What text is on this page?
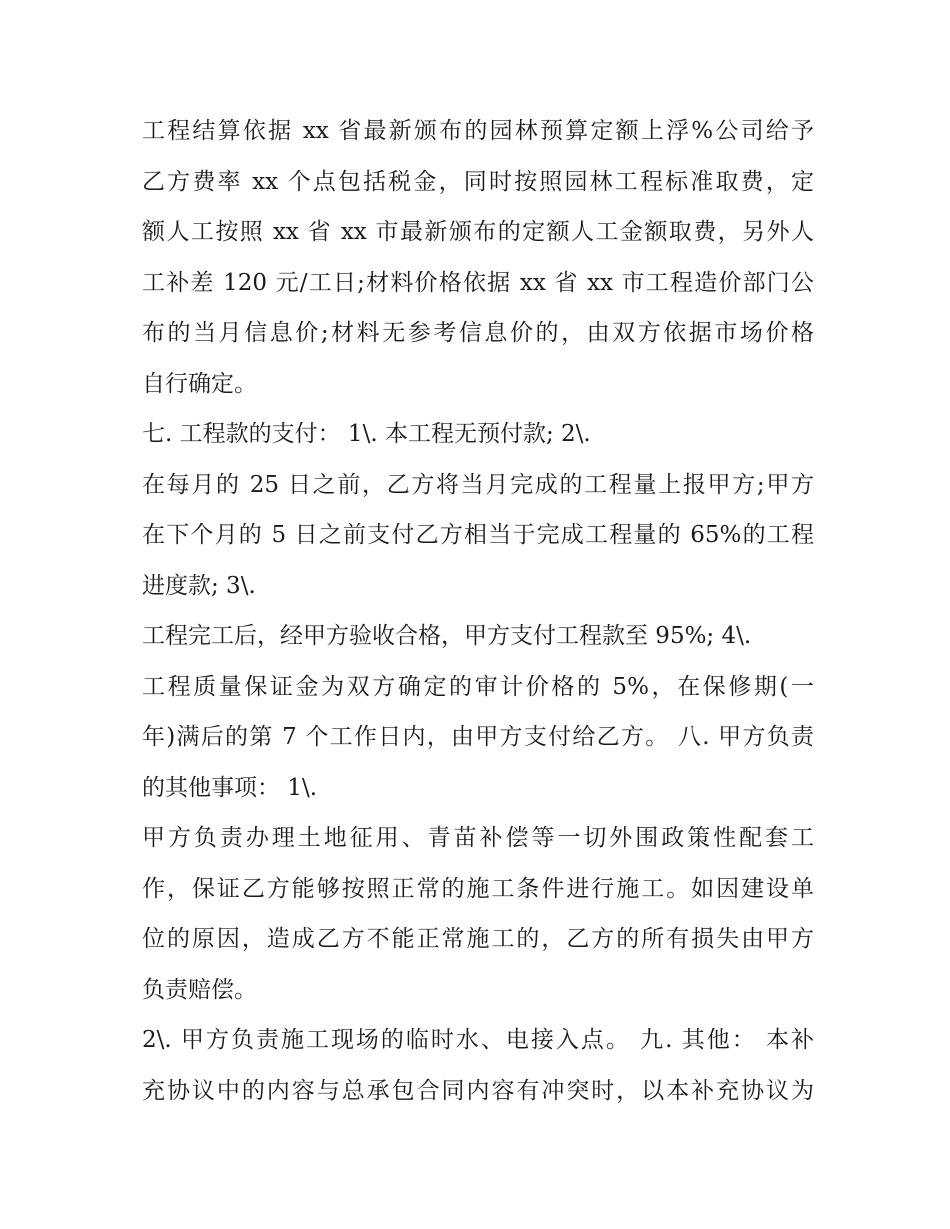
工程结算依据 xx 省最新颁布的园林预算定额上浮%公司给予
乙方费率 xx 个点包括税金，同时按照园林工程标准取费，定
额人工按照 xx 省 xx 市最新颁布的定额人工金额取费，另外人
工补差 120 元/工日;材料价格依据 xx 省 xx 市工程造价部门公
布的当月信息价;材料无参考信息价的，由双方依据市场价格
自行确定。
七. 工程款的支付： 1\. 本工程无预付款; 2\.
在每月的 25 日之前，乙方将当月完成的工程量上报甲方;甲方
在下个月的 5 日之前支付乙方相当于完成工程量的 65%的工程
进度款; 3\.
工程完工后，经甲方验收合格，甲方支付工程款至 95%; 4\.
工程质量保证金为双方确定的审计价格的 5%，在保修期(一
年)满后的第 7 个工作日内，由甲方支付给乙方。 八. 甲方负责
的其他事项： 1\.
甲方负责办理土地征用、青苗补偿等一切外围政策性配套工
作，保证乙方能够按照正常的施工条件进行施工。如因建设单
位的原因，造成乙方不能正常施工的，乙方的所有损失由甲方
负责赔偿。
2\. 甲方负责施工现场的临时水、电接入点。 九. 其他： 本补
充协议中的内容与总承包合同内容有冲突时，以本补充协议为
